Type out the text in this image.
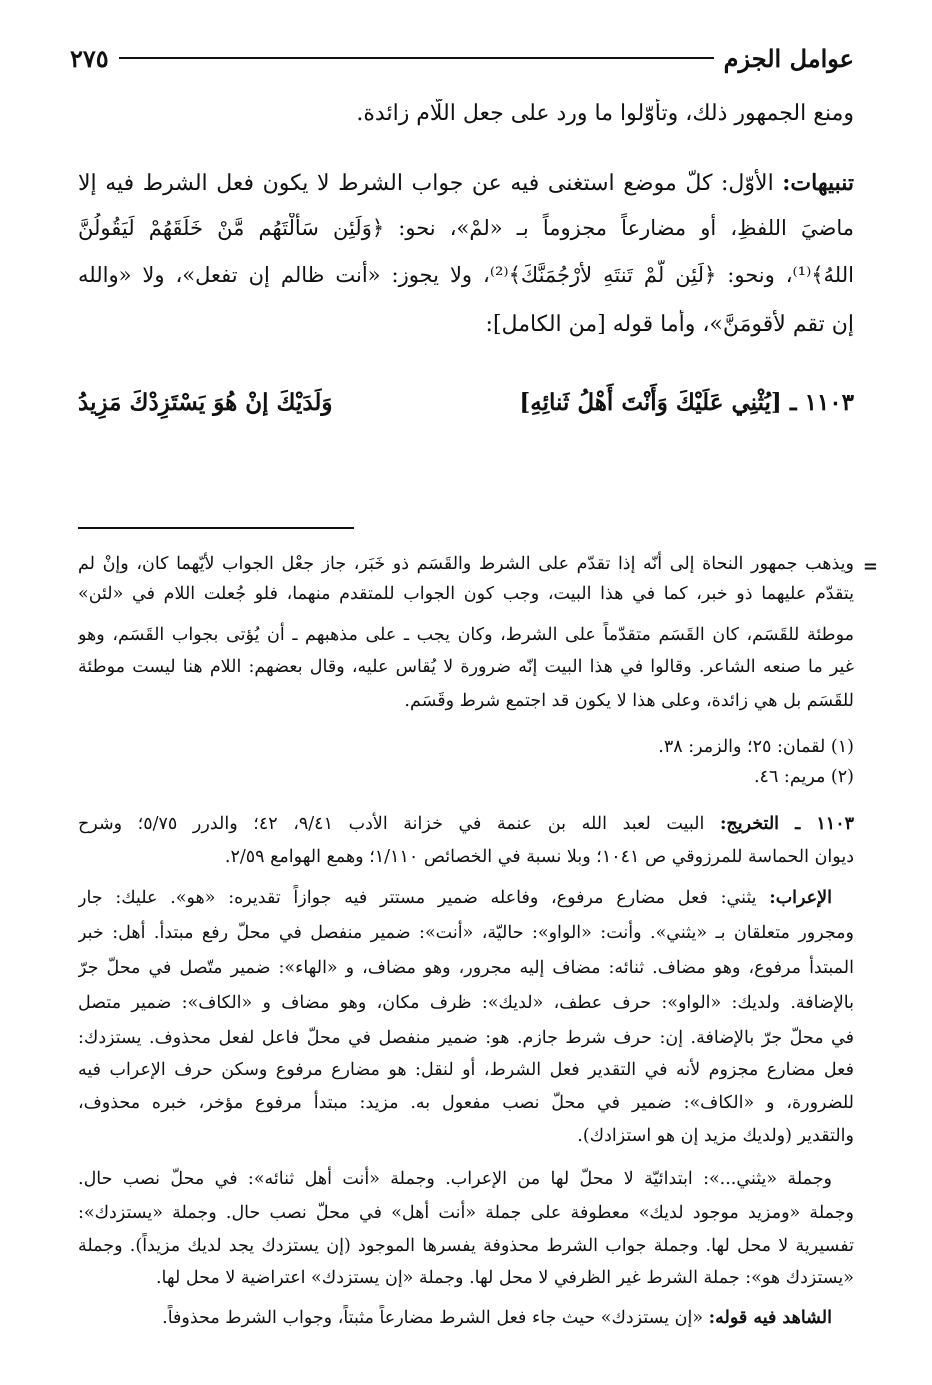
عوامل الجزم
٢٧٥
ومنع الجمهور ذلك، وتأوّلوا ما ورد على جعل اللّام زائدة.
تنبيهات: الأوّل: كلّ موضع استغنى فيه عن جواب الشرط لا يكون فعل الشرط فيه إلا
ماضيَ اللفظِ، أو مضارعاً مجزوماً بـ «لمْ»، نحو: ﴿وَلَئِن سَأَلْتَهُم مَّنْ خَلَقَهُمْ لَيَقُولُنَّ
اللهُ﴾⁽¹⁾، ونحو: ﴿لَئِن لَّمْ تَنتَهِ لأرْجُمَنَّكَ﴾⁽²⁾، ولا يجوز: «أنت ظالم إن تفعل»، ولا «والله
إن تقم لأقومَنَّ»، وأما قوله [من الكامل]:
١١٠٣ ـ [يُثْنِي عَلَيْكَ وَأَنْتَ أَهْلُ ثَنائِهِ]
وَلَدَيْكَ إنْ هُوَ يَسْتَزِدْكَ مَزِيدُ
=
ويذهب جمهور النحاة إلى أنّه إذا تقدّم على الشرط والقَسَم ذو خَبَر، جاز جعْل الجواب لأيّهما كان، وإنْ لم
يتقدّم عليهما ذو خبر، كما في هذا البيت، وجب كون الجواب للمتقدم منهما، فلو جُعلت اللام في «لئن»
موطئة للقَسَم، كان القَسَم متقدّماً على الشرط، وكان يجب ـ على مذهبهم ـ أن يُؤتى بجواب القَسَم، وهو
غير ما صنعه الشاعر. وقالوا في هذا البيت إنّه ضرورة لا يُقاس عليه، وقال بعضهم: اللام هنا ليست موطئة
للقَسَم بل هي زائدة، وعلى هذا لا يكون قد اجتمع شرط وقَسَم.
(١) لقمان: ٢٥؛ والزمر: ٣٨.
(٢) مريم: ٤٦.
١١٠٣ ـ التخريج: البيت لعبد الله بن عنمة في خزانة الأدب ٩/٤١، ٤٢؛ والدرر ٥/٧٥؛ وشرح
ديوان الحماسة للمرزوقي ص ١٠٤١؛ وبلا نسبة في الخصائص ١/١١٠؛ وهمع الهوامع ٢/٥٩.
الإعراب: يثني: فعل مضارع مرفوع، وفاعله ضمير مستتر فيه جوازاً تقديره: «هو». عليك: جار
ومجرور متعلقان بـ «يثني». وأنت: «الواو»: حاليّة، «أنت»: ضمير منفصل في محلّ رفع مبتدأ. أهل: خبر
المبتدأ مرفوع، وهو مضاف. ثنائه: مضاف إليه مجرور، وهو مضاف، و «الهاء»: ضمير متّصل في محلّ جرّ
بالإضافة. ولديك: «الواو»: حرف عطف، «لديك»: ظرف مكان، وهو مضاف و «الكاف»: ضمير متصل
في محلّ جرّ بالإضافة. إن: حرف شرط جازم. هو: ضمير منفصل في محلّ فاعل لفعل محذوف. يستزدك:
فعل مضارع مجزوم لأنه في التقدير فعل الشرط، أو لنقل: هو مضارع مرفوع وسكن حرف الإعراب فيه
للضرورة، و «الكاف»: ضمير في محلّ نصب مفعول به. مزيد: مبتدأ مرفوع مؤخر، خبره محذوف،
والتقدير (ولديك مزيد إن هو استزادك).
وجملة «يثني...»: ابتدائيّة لا محلّ لها من الإعراب. وجملة «أنت أهل ثنائه»: في محلّ نصب حال.
وجملة «ومزيد موجود لديك» معطوفة على جملة «أنت أهل» في محلّ نصب حال. وجملة «يستزدك»:
تفسيرية لا محل لها. وجملة جواب الشرط محذوفة يفسرها الموجود (إن يستزدك يجد لديك مزيداً). وجملة
«يستزدك هو»: جملة الشرط غير الظرفي لا محل لها. وجملة «إن يستزدك» اعتراضية لا محل لها.
الشاهد فيه قوله: «إن يستزدك» حيث جاء فعل الشرط مضارعاً مثبتاً، وجواب الشرط محذوفاً.
